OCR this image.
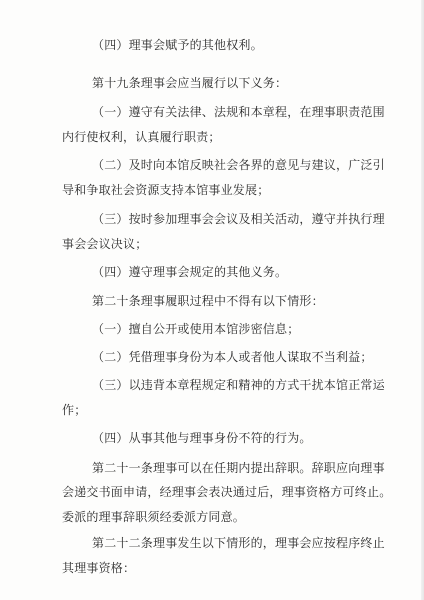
（四）理事会赋予的其他权利。
第十九条理事会应当履行以下义务：
（一）遵守有关法律、法规和本章程，在理事职责范围
内行使权利，认真履行职责；
（二）及时向本馆反映社会各界的意见与建议，广泛引
导和争取社会资源支持本馆事业发展；
（三）按时参加理事会会议及相关活动，遵守并执行理
事会会议决议；
（四）遵守理事会规定的其他义务。
第二十条理事履职过程中不得有以下情形：
（一）擅自公开或使用本馆涉密信息；
（二）凭借理事身份为本人或者他人谋取不当利益；
（三）以违背本章程规定和精神的方式干扰本馆正常运
作；
（四）从事其他与理事身份不符的行为。
第二十一条理事可以在任期内提出辞职。辞职应向理事
会递交书面申请，经理事会表决通过后，理事资格方可终止。
委派的理事辞职须经委派方同意。
第二十二条理事发生以下情形的，理事会应按程序终止
其理事资格：
